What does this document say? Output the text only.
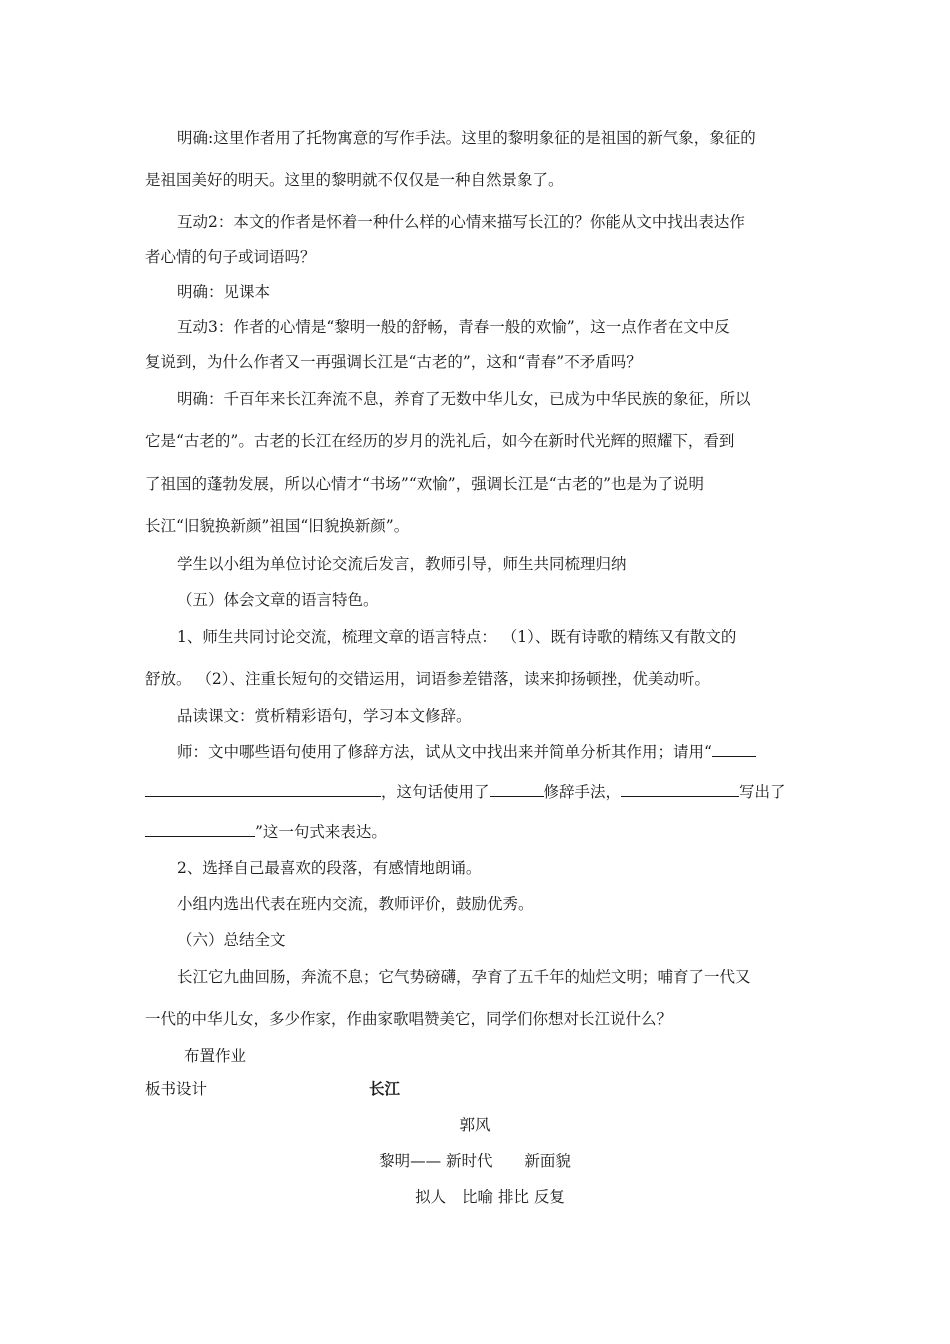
明确:这里作者用了托物寓意的写作手法。这里的黎明象征的是祖国的新气象，象征的
是祖国美好的明天。这里的黎明就不仅仅是一种自然景象了。
互动2：本文的作者是怀着一种什么样的心情来描写长江的？你能从文中找出表达作
者心情的句子或词语吗？
明确：见课本
互动3：作者的心情是“黎明一般的舒畅，青春一般的欢愉”，这一点作者在文中反
复说到，为什么作者又一再强调长江是“古老的”，这和“青春”不矛盾吗？
明确：千百年来长江奔流不息，养育了无数中华儿女，已成为中华民族的象征，所以
它是“古老的”。古老的长江在经历的岁月的洗礼后，如今在新时代光辉的照耀下，看到
了祖国的蓬勃发展，所以心情才“书场”“欢愉”，强调长江是“古老的”也是为了说明
长江“旧貌换新颜”祖国“旧貌换新颜”。
学生以小组为单位讨论交流后发言，教师引导，师生共同梳理归纳
（五）体会文章的语言特色。
1、师生共同讨论交流，梳理文章的语言特点： （1）、既有诗歌的精练又有散文的
舒放。 （2）、注重长短句的交错运用，词语参差错落，读来抑扬顿挫，优美动听。
品读课文：赏析精彩语句，学习本文修辞。
师：文中哪些语句使用了修辞方法，试从文中找出来并简单分析其作用；请用“
，这句话使用了	修辞手法，	写出了
”这一句式来表达。
2、选择自己最喜欢的段落，有感情地朗诵。
小组内选出代表在班内交流，教师评价，鼓励优秀。
（六）总结全文
长江它九曲回肠，奔流不息；它气势磅礴，孕育了五千年的灿烂文明；哺育了一代又
一代的中华儿女，多少作家，作曲家歌唱赞美它，同学们你想对长江说什么？
布置作业
板书设计	长江
郭风
黎明—— 新时代 新面貌
拟人 比喻 排比 反复
